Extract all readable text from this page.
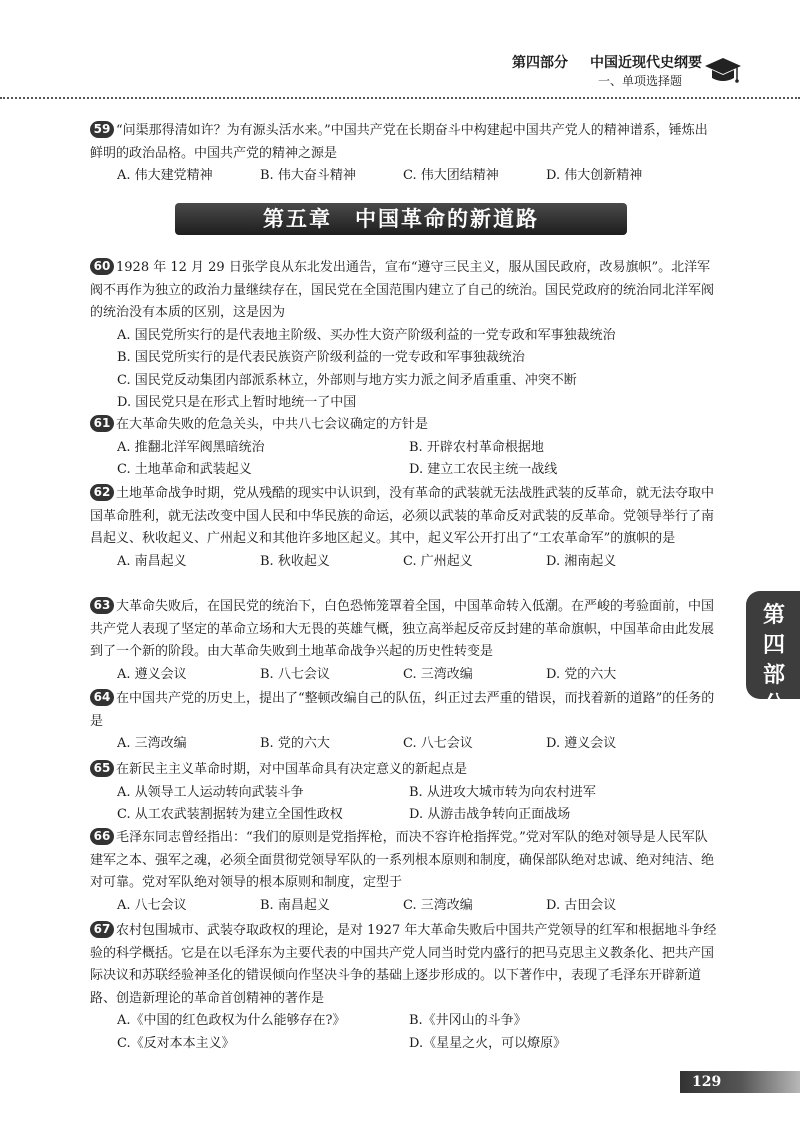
第四部分 中国近现代史纲要
一、单项选择题
59 “问渠那得清如许？为有源头活水来。”中国共产党在长期奋斗中构建起中国共产党人的精神谱系，锤炼出鲜明的政治品格。中国共产党的精神之源是
A. 伟大建党精神	B. 伟大奋斗精神	C. 伟大团结精神	D. 伟大创新精神
第五章　中国革命的新道路
60 1928 年 12 月 29 日张学良从东北发出通告，宣布“遵守三民主义，服从国民政府，改易旗帜”。北洋军阀不再作为独立的政治力量继续存在，国民党在全国范围内建立了自己的统治。国民党政府的统治同北洋军阀的统治没有本质的区别，这是因为
A. 国民党所实行的是代表地主阶级、买办性大资产阶级利益的一党专政和军事独裁统治
B. 国民党所实行的是代表民族资产阶级利益的一党专政和军事独裁统治
C. 国民党反动集团内部派系林立，外部则与地方实力派之间矛盾重重、冲突不断
D. 国民党只是在形式上暂时地统一了中国
61 在大革命失败的危急关头，中共八七会议确定的方针是
A. 推翻北洋军阀黑暗统治	B. 开辟农村革命根据地
C. 土地革命和武装起义	D. 建立工农民主统一战线
62 土地革命战争时期，党从残酷的现实中认识到，没有革命的武装就无法战胜武装的反革命，就无法夺取中国革命胜利，就无法改变中国人民和中华民族的命运，必须以武装的革命反对武装的反革命。党领导举行了南昌起义、秋收起义、广州起义和其他许多地区起义。其中，起义军公开打出了“工农革命军”的旗帜的是
A. 南昌起义	B. 秋收起义	C. 广州起义	D. 湘南起义
63 大革命失败后，在国民党的统治下，白色恐怖笼罩着全国，中国革命转入低潮。在严峻的考验面前，中国共产党人表现了坚定的革命立场和大无畏的英雄气概，独立高举起反帝反封建的革命旗帜，中国革命由此发展到了一个新的阶段。由大革命失败到土地革命战争兴起的历史性转变是
A. 遵义会议	B. 八七会议	C. 三湾改编	D. 党的六大
64 在中国共产党的历史上，提出了“整顿改编自己的队伍，纠正过去严重的错误，而找着新的道路”的任务的是
A. 三湾改编	B. 党的六大	C. 八七会议	D. 遵义会议
65 在新民主主义革命时期，对中国革命具有决定意义的新起点是
A. 从领导工人运动转向武装斗争	B. 从进攻大城市转为向农村进军
C. 从工农武装割据转为建立全国性政权	D. 从游击战争转向正面战场
66 毛泽东同志曾经指出：“我们的原则是党指挥枪，而决不容许枪指挥党。”党对军队的绝对领导是人民军队建军之本、强军之魂，必须全面贯彻党领导军队的一系列根本原则和制度，确保部队绝对忠诚、绝对纯洁、绝对可靠。党对军队绝对领导的根本原则和制度，定型于
A. 八七会议	B. 南昌起义	C. 三湾改编	D. 古田会议
67 农村包围城市、武装夺取政权的理论，是对 1927 年大革命失败后中国共产党领导的红军和根据地斗争经验的科学概括。它是在以毛泽东为主要代表的中国共产党人同当时党内盛行的把马克思主义教条化、把共产国际决议和苏联经验神圣化的错误倾向作坚决斗争的基础上逐步形成的。以下著作中，表现了毛泽东开辟新道路、创造新理论的革命首创精神的著作是
A.《中国的红色政权为什么能够存在?》	B.《井冈山的斗争》
C.《反对本本主义》	D.《星星之火，可以燎原》
第 四 部 分
129
